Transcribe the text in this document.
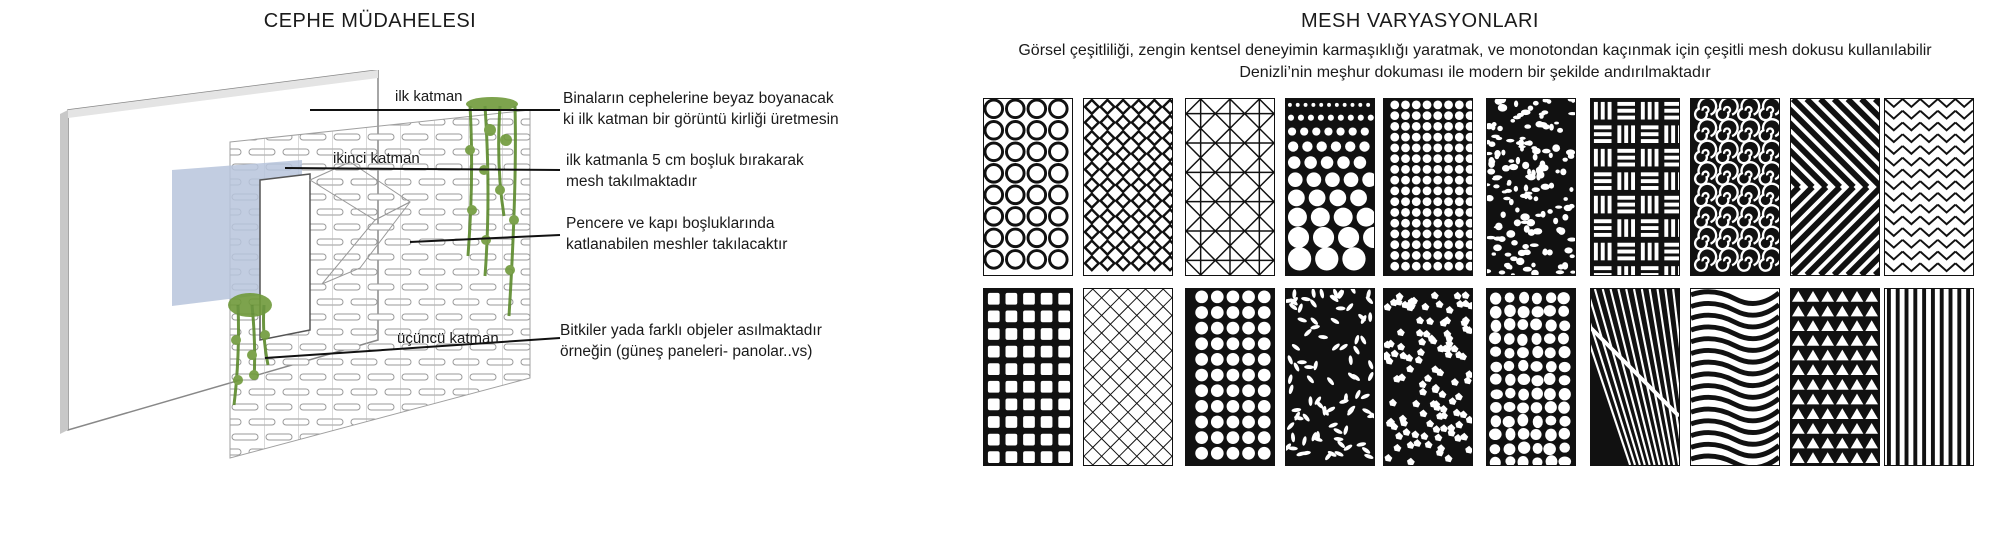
CEPHE MÜDAHELESI
ilk katman
ikinci katman
üçüncü katman
Binaların cephelerine beyaz boyanacak
ki ilk katman bir görüntü kirliği üretmesin
ilk katmanla 5 cm boşluk bırakarak
mesh takılmaktadır
Pencere ve kapı boşluklarında
katlanabilen meshler takılacaktır
Bitkiler yada farklı objeler asılmaktadır
örneğin (güneş paneleri- panolar..vs)
MESH VARYASYONLARI
Görsel çeşitliliği, zengin kentsel deneyimin karmaşıklığı yaratmak, ve monotondan kaçınmak için çeşitli mesh dokusu kullanılabilir
Denizli’nin meşhur dokuması ile modern bir şekilde andırılmaktadır
